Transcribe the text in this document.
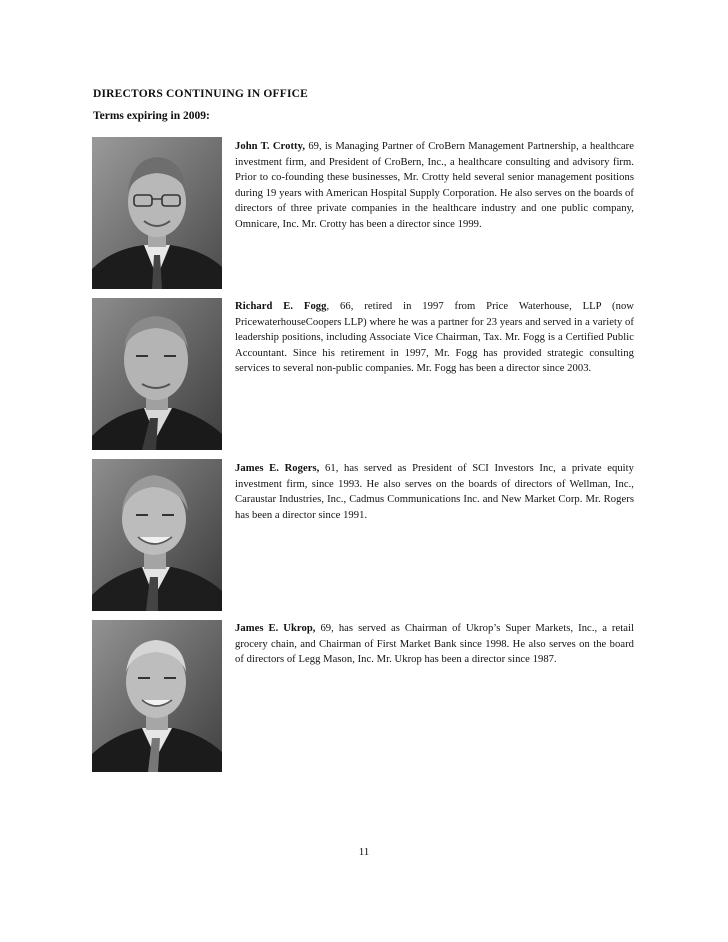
DIRECTORS CONTINUING IN OFFICE
Terms expiring in 2009:
John T. Crotty, 69, is Managing Partner of CroBern Management Partnership, a healthcare investment firm, and President of CroBern, Inc., a healthcare consulting and advisory firm. Prior to co-founding these businesses, Mr. Crotty held several senior management positions during 19 years with American Hospital Supply Corporation. He also serves on the boards of directors of three private companies in the healthcare industry and one public company, Omnicare, Inc. Mr. Crotty has been a director since 1999.
Richard E. Fogg, 66, retired in 1997 from Price Waterhouse, LLP (now PricewaterhouseCoopers LLP) where he was a partner for 23 years and served in a variety of leadership positions, including Associate Vice Chairman, Tax. Mr. Fogg is a Certified Public Accountant. Since his retirement in 1997, Mr. Fogg has provided strategic consulting services to several non-public companies. Mr. Fogg has been a director since 2003.
James E. Rogers, 61, has served as President of SCI Investors Inc, a private equity investment firm, since 1993. He also serves on the boards of directors of Wellman, Inc., Caraustar Industries, Inc., Cadmus Communications Inc. and New Market Corp. Mr. Rogers has been a director since 1991.
James E. Ukrop, 69, has served as Chairman of Ukrop’s Super Markets, Inc., a retail grocery chain, and Chairman of First Market Bank since 1998. He also serves on the board of directors of Legg Mason, Inc. Mr. Ukrop has been a director since 1987.
11
